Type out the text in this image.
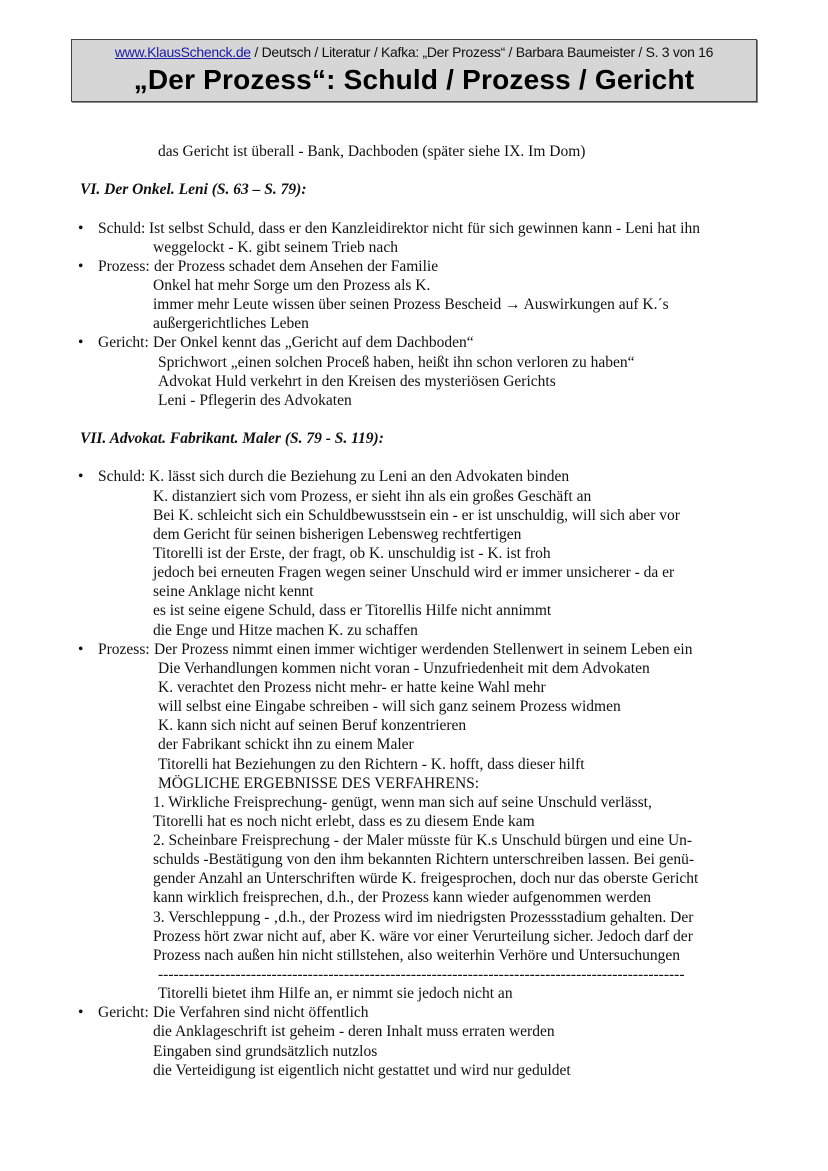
www.KlausSchenck.de / Deutsch / Literatur / Kafka: „Der Prozess“ / Barbara Baumeister / S. 3 von 16
„Der Prozess“: Schuld / Prozess / Gericht
das Gericht ist überall - Bank, Dachboden (später siehe IX. Im Dom)
VI. Der Onkel. Leni (S. 63 – S. 79):
• Schuld: Ist selbst Schuld, dass er den Kanzleidirektor nicht für sich gewinnen kann - Leni hat ihn
weggelockt - K. gibt seinem Trieb nach
• Prozess: der Prozess schadet dem Ansehen der Familie
Onkel hat mehr Sorge um den Prozess als K.
immer mehr Leute wissen über seinen Prozess Bescheid → Auswirkungen auf K.´s
außergerichtliches Leben
• Gericht: Der Onkel kennt das „Gericht auf dem Dachboden“
Sprichwort „einen solchen Proceß haben, heißt ihn schon verloren zu haben“
Advokat Huld verkehrt in den Kreisen des mysteriösen Gerichts
Leni - Pflegerin des Advokaten
VII. Advokat. Fabrikant. Maler (S. 79 - S. 119):
• Schuld: K. lässt sich durch die Beziehung zu Leni an den Advokaten binden
K. distanziert sich vom Prozess, er sieht ihn als ein großes Geschäft an
Bei K. schleicht sich ein Schuldbewusstsein ein - er ist unschuldig, will sich aber vor
dem Gericht für seinen bisherigen Lebensweg rechtfertigen
Titorelli ist der Erste, der fragt, ob K. unschuldig ist - K. ist froh
jedoch bei erneuten Fragen wegen seiner Unschuld wird er immer unsicherer - da er
seine Anklage nicht kennt
es ist seine eigene Schuld, dass er Titorellis Hilfe nicht annimmt
die Enge und Hitze machen K. zu schaffen
• Prozess: Der Prozess nimmt einen immer wichtiger werdenden Stellenwert in seinem Leben ein
Die Verhandlungen kommen nicht voran - Unzufriedenheit mit dem Advokaten
K. verachtet den Prozess nicht mehr- er hatte keine Wahl mehr
will selbst eine Eingabe schreiben - will sich ganz seinem Prozess widmen
K. kann sich nicht auf seinen Beruf konzentrieren
der Fabrikant schickt ihn zu einem Maler
Titorelli hat Beziehungen zu den Richtern - K. hofft, dass dieser hilft
MÖGLICHE ERGEBNISSE DES VERFAHRENS:
1. Wirkliche Freisprechung- genügt, wenn man sich auf seine Unschuld verlässt,
Titorelli hat es noch nicht erlebt, dass es zu diesem Ende kam
2. Scheinbare Freisprechung - der Maler müsste für K.s Unschuld bürgen und eine Un-
schulds -Bestätigung von den ihm bekannten Richtern unterschreiben lassen. Bei genü-
gender Anzahl an Unterschriften würde K. freigesprochen, doch nur das oberste Gericht
kann wirklich freisprechen, d.h., der Prozess kann wieder aufgenommen werden
3. Verschleppung - ‚d.h., der Prozess wird im niedrigsten Prozessstadium gehalten. Der
Prozess hört zwar nicht auf, aber K. wäre vor einer Verurteilung sicher. Jedoch darf der
Prozess nach außen hin nicht stillstehen, also weiterhin Verhöre und Untersuchungen
------------------------------------------------------------------------------------------------------
Titorelli bietet ihm Hilfe an, er nimmt sie jedoch nicht an
• Gericht: Die Verfahren sind nicht öffentlich
die Anklageschrift ist geheim - deren Inhalt muss erraten werden
Eingaben sind grundsätzlich nutzlos
die Verteidigung ist eigentlich nicht gestattet und wird nur geduldet
